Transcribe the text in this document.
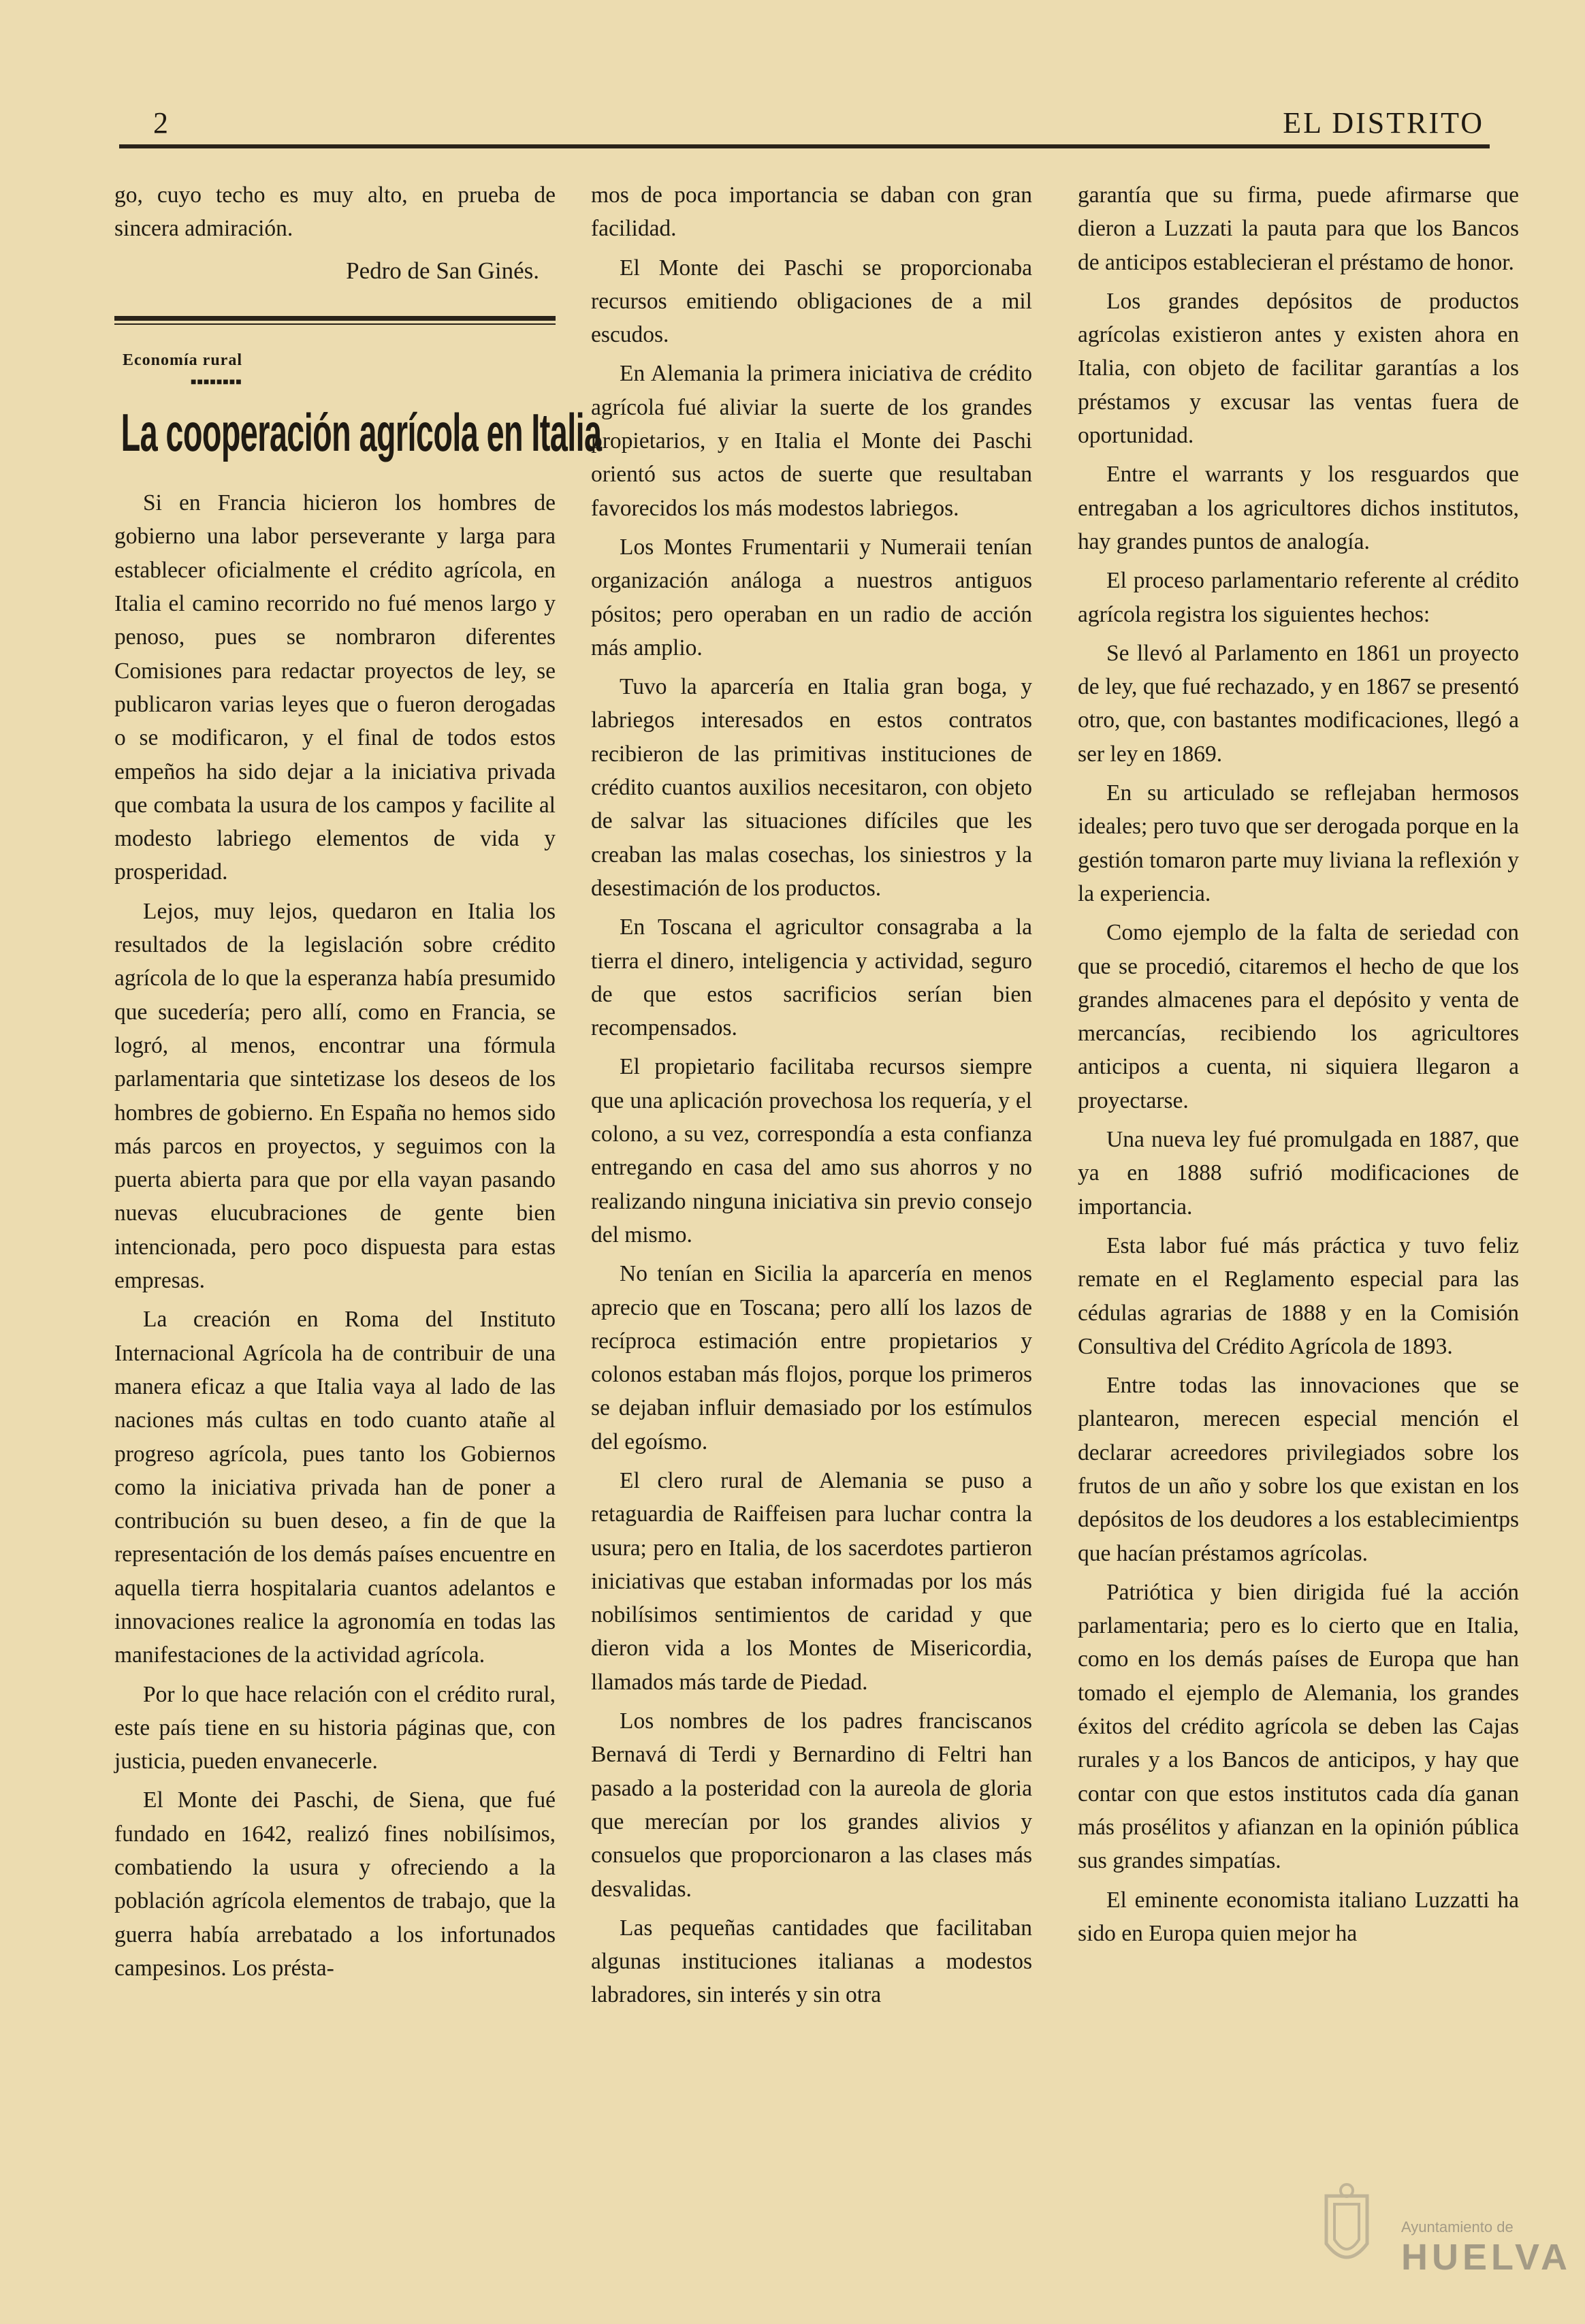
2	EL DISTRITO

go, cuyo techo es muy alto, en prueba de sincera admiración.

Pedro de San Ginés.
Economía rural
■■■■■■■■
La cooperación agrícola en Italia

Si en Francia hicieron los hombres de gobierno una labor perseverante y larga para establecer oficialmente el crédito agrícola, en Italia el camino recorrido no fué menos largo y penoso, pues se nombraron diferentes Comisiones para redactar proyectos de ley, se publicaron varias leyes que o fueron derogadas o se modificaron, y el final de todos estos empeños ha sido dejar a la iniciativa privada que combata la usura de los campos y facilite al modesto labriego elementos de vida y prosperidad.

Lejos, muy lejos, quedaron en Italia los resultados de la legislación sobre crédito agrícola de lo que la esperanza había presumido que sucedería; pero allí, como en Francia, se logró, al menos, encontrar una fórmula parlamentaria que sintetizase los deseos de los hombres de gobierno. En España no hemos sido más parcos en proyectos, y seguimos con la puerta abierta para que por ella vayan pasando nuevas elucubraciones de gente bien intencionada, pero poco dispuesta para estas empresas.

La creación en Roma del Instituto Internacional Agrícola ha de contribuir de una manera eficaz a que Italia vaya al lado de las naciones más cultas en todo cuanto atañe al progreso agrícola, pues tanto los Gobiernos como la iniciativa privada han de poner a contribución su buen deseo, a fin de que la representación de los demás países encuentre en aquella tierra hospitalaria cuantos adelantos e innovaciones realice la agronomía en todas las manifestaciones de la actividad agrícola.

Por lo que hace relación con el crédito rural, este país tiene en su historia páginas que, con justicia, pueden envanecerle.

El Monte dei Paschi, de Siena, que fué fundado en 1642, realizó fines nobilísimos, combatiendo la usura y ofreciendo a la población agrícola elementos de trabajo, que la guerra había arrebatado a los infortunados campesinos. Los présta-

mos de poca importancia se daban con gran facilidad.

El Monte dei Paschi se proporcionaba recursos emitiendo obligaciones de a mil escudos.

En Alemania la primera iniciativa de crédito agrícola fué aliviar la suerte de los grandes propietarios, y en Italia el Monte dei Paschi orientó sus actos de suerte que resultaban favorecidos los más modestos labriegos.

Los Montes Frumentarii y Numeraii tenían organización análoga a nuestros antiguos pósitos; pero operaban en un radio de acción más amplio.

Tuvo la aparcería en Italia gran boga, y labriegos interesados en estos contratos recibieron de las primitivas instituciones de crédito cuantos auxilios necesitaron, con objeto de salvar las situaciones difíciles que les creaban las malas cosechas, los siniestros y la desestimación de los productos.

En Toscana el agricultor consagraba a la tierra el dinero, inteligencia y actividad, seguro de que estos sacrificios serían bien recompensados.

El propietario facilitaba recursos siempre que una aplicación provechosa los requería, y el colono, a su vez, correspondía a esta confianza entregando en casa del amo sus ahorros y no realizando ninguna iniciativa sin previo consejo del mismo.

No tenían en Sicilia la aparcería en menos aprecio que en Toscana; pero allí los lazos de recíproca estimación entre propietarios y colonos estaban más flojos, porque los primeros se dejaban influir demasiado por los estímulos del egoísmo.

El clero rural de Alemania se puso a retaguardia de Raiffeisen para luchar contra la usura; pero en Italia, de los sacerdotes partieron iniciativas que estaban informadas por los más nobilísimos sentimientos de caridad y que dieron vida a los Montes de Misericordia, llamados más tarde de Piedad.

Los nombres de los padres franciscanos Bernavá di Terdi y Bernardino di Feltri han pasado a la posteridad con la aureola de gloria que merecían por los grandes alivios y consuelos que proporcionaron a las clases más desvalidas.

Las pequeñas cantidades que facilitaban algunas instituciones italianas a modestos labradores, sin interés y sin otra

garantía que su firma, puede afirmarse que dieron a Luzzati la pauta para que los Bancos de anticipos establecieran el préstamo de honor.

Los grandes depósitos de productos agrícolas existieron antes y existen ahora en Italia, con objeto de facilitar garantías a los préstamos y excusar las ventas fuera de oportunidad.

Entre el warrants y los resguardos que entregaban a los agricultores dichos institutos, hay grandes puntos de analogía.

El proceso parlamentario referente al crédito agrícola registra los siguientes hechos:

Se llevó al Parlamento en 1861 un proyecto de ley, que fué rechazado, y en 1867 se presentó otro, que, con bastantes modificaciones, llegó a ser ley en 1869.

En su articulado se reflejaban hermosos ideales; pero tuvo que ser derogada porque en la gestión tomaron parte muy liviana la reflexión y la experiencia.

Como ejemplo de la falta de seriedad con que se procedió, citaremos el hecho de que los grandes almacenes para el depósito y venta de mercancías, recibiendo los agricultores anticipos a cuenta, ni siquiera llegaron a proyectarse.

Una nueva ley fué promulgada en 1887, que ya en 1888 sufrió modificaciones de importancia.

Esta labor fué más práctica y tuvo feliz remate en el Reglamento especial para las cédulas agrarias de 1888 y en la Comisión Consultiva del Crédito Agrícola de 1893.

Entre todas las innovaciones que se plantearon, merecen especial mención el declarar acreedores privilegiados sobre los frutos de un año y sobre los que existan en los depósitos de los deudores a los establecimientps que hacían préstamos agrícolas.

Patriótica y bien dirigida fué la acción parlamentaria; pero es lo cierto que en Italia, como en los demás países de Europa que han tomado el ejemplo de Alemania, los grandes éxitos del crédito agrícola se deben las Cajas rurales y a los Bancos de anticipos, y hay que contar con que estos institutos cada día ganan más prosélitos y afianzan en la opinión pública sus grandes simpatías.

El eminente economista italiano Luzzatti ha sido en Europa quien mejor ha

Ayuntamiento de
HUELVA
